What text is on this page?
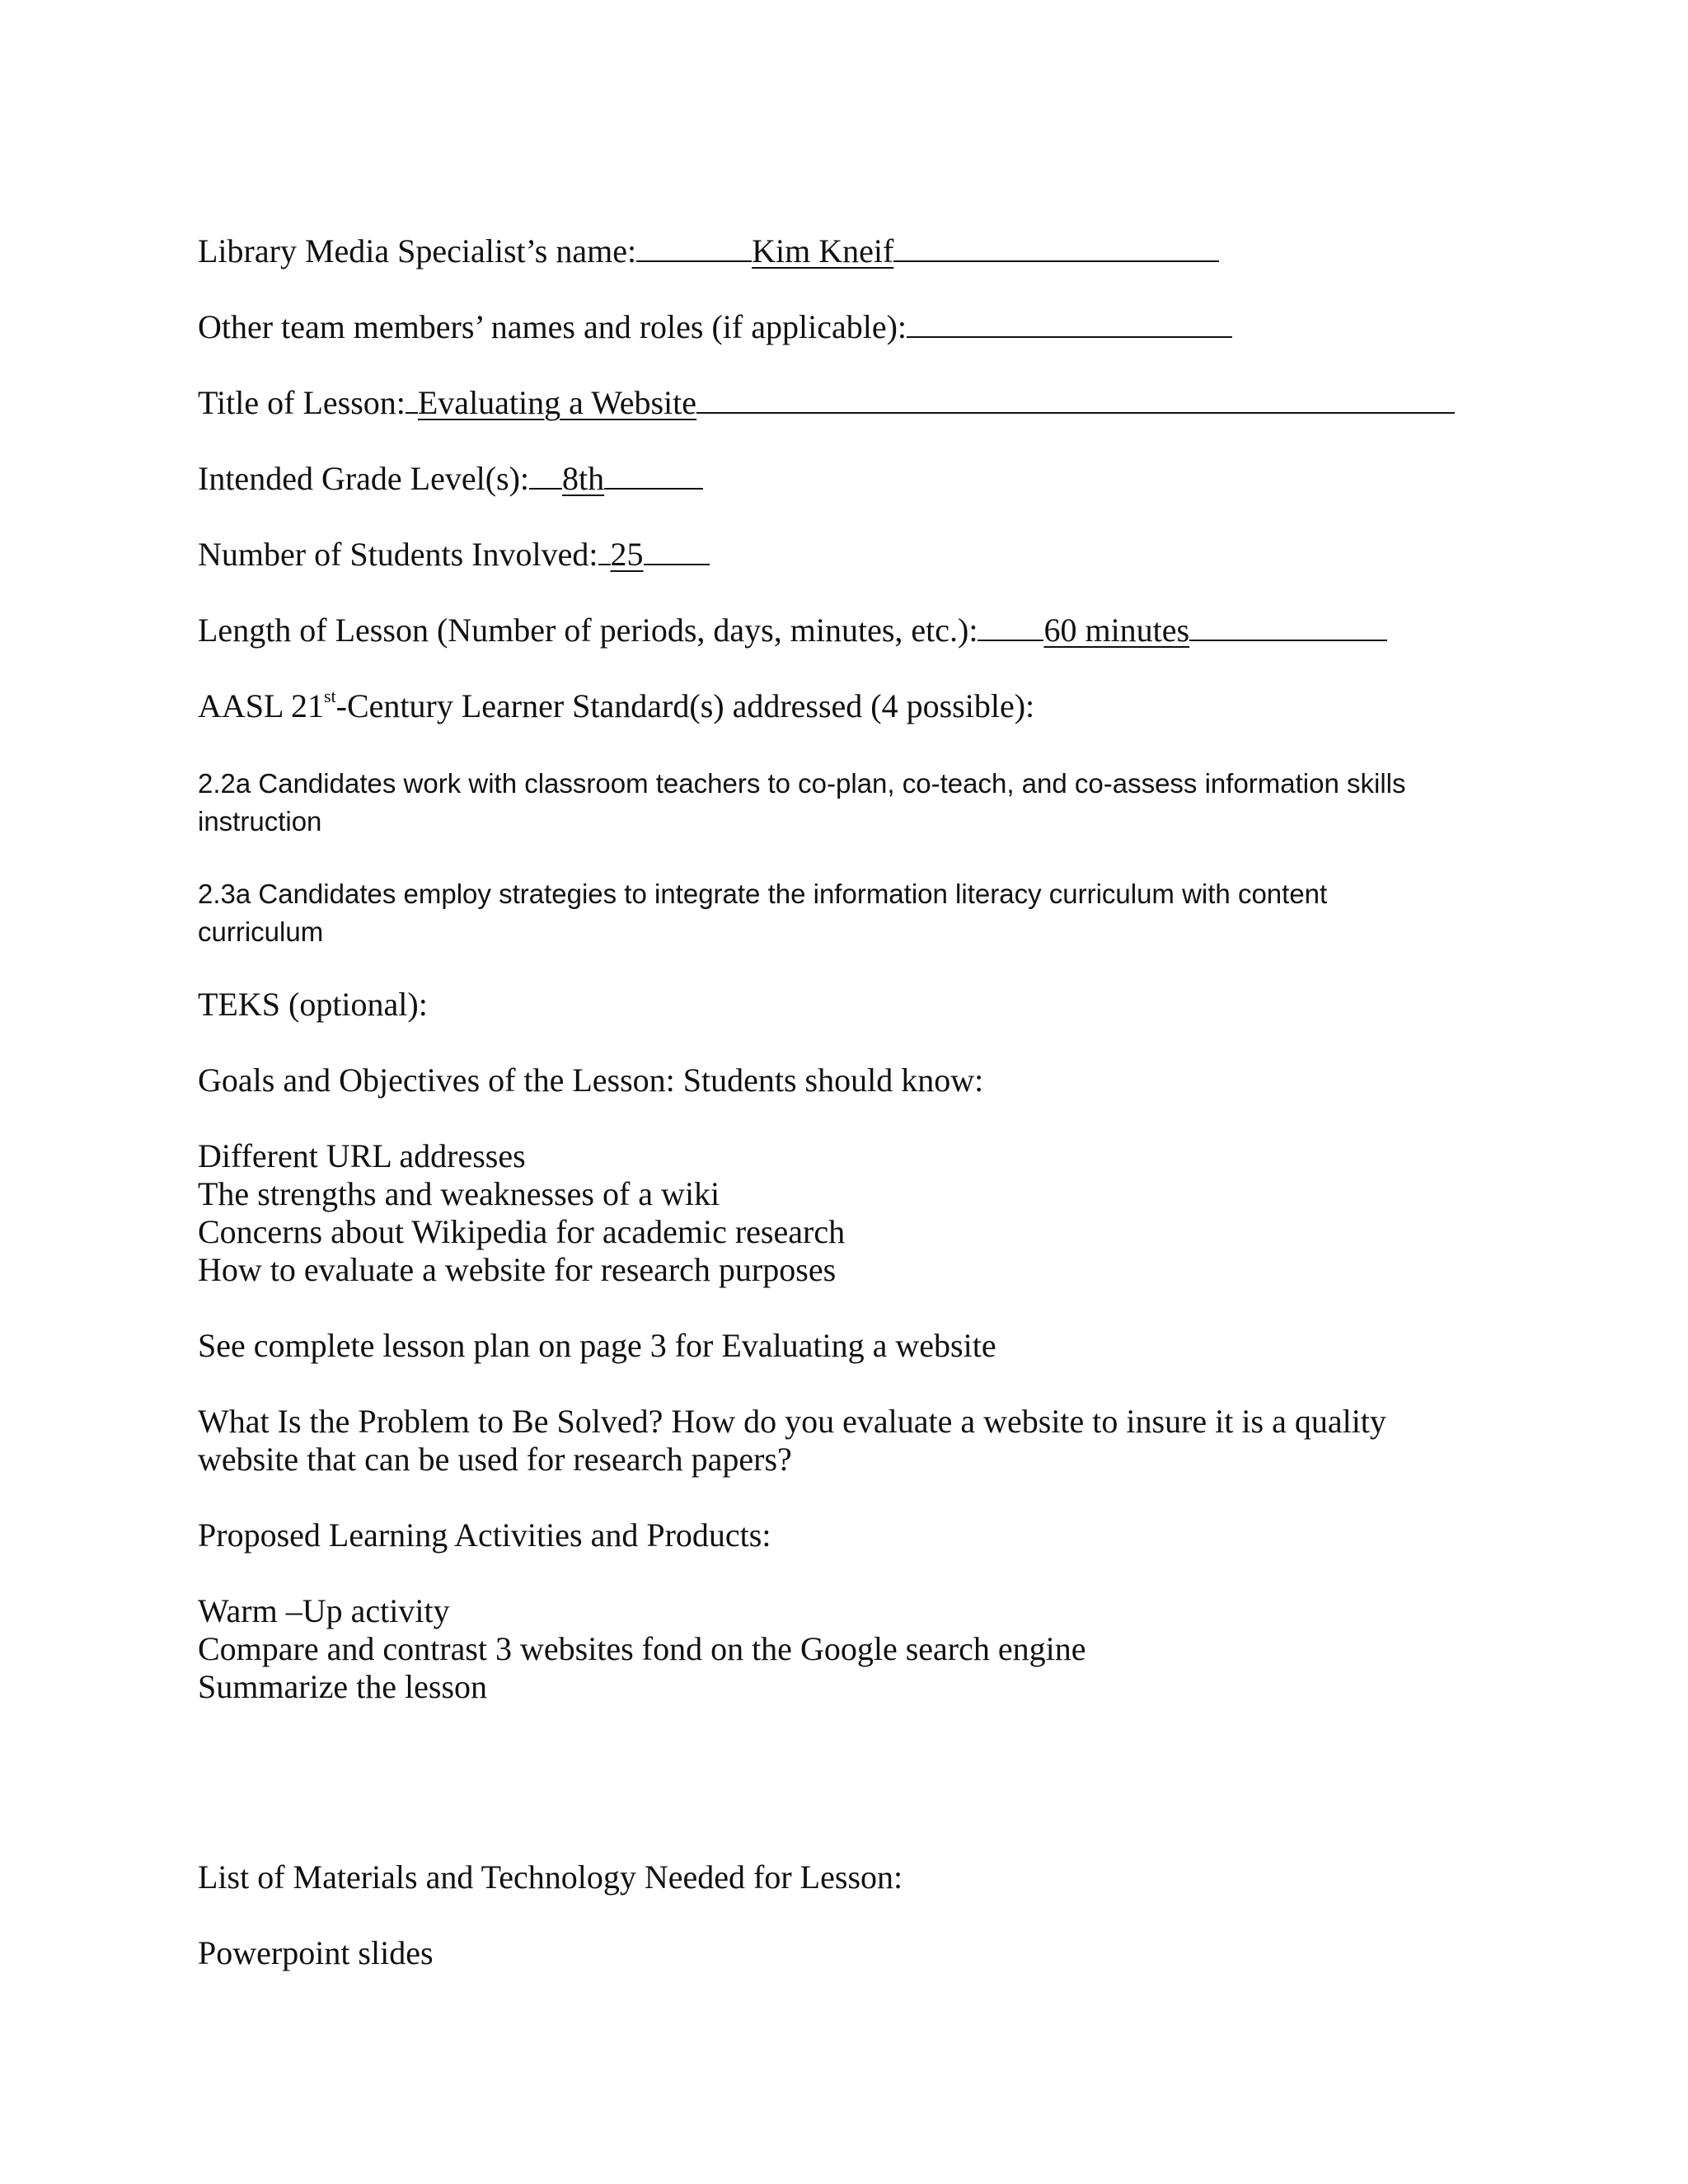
Library Media Specialist’s name:	Kim Kneif
Other team members’ names and roles (if applicable):
Title of Lesson: Evaluating a Website
Intended Grade Level(s): 8th
Number of Students Involved: 25
Length of Lesson (Number of periods, days, minutes, etc.): 60 minutes
AASL 21st-Century Learner Standard(s) addressed (4 possible):
2.2a Candidates work with classroom teachers to co-plan, co-teach, and co-assess information skills instruction
2.3a Candidates employ strategies to integrate the information literacy curriculum with content curriculum
TEKS (optional):
Goals and Objectives of the Lesson: Students should know:
Different URL addresses
The strengths and weaknesses of a wiki
Concerns about Wikipedia for academic research
How to evaluate a website for research purposes
See complete lesson plan on page 3 for Evaluating a website
What Is the Problem to Be Solved? How do you evaluate a website to insure it is a quality
website that can be used for research papers?
Proposed Learning Activities and Products:
Warm –Up activity
Compare and contrast 3 websites fond on the Google search engine
Summarize the lesson
List of Materials and Technology Needed for Lesson:
Powerpoint slides
